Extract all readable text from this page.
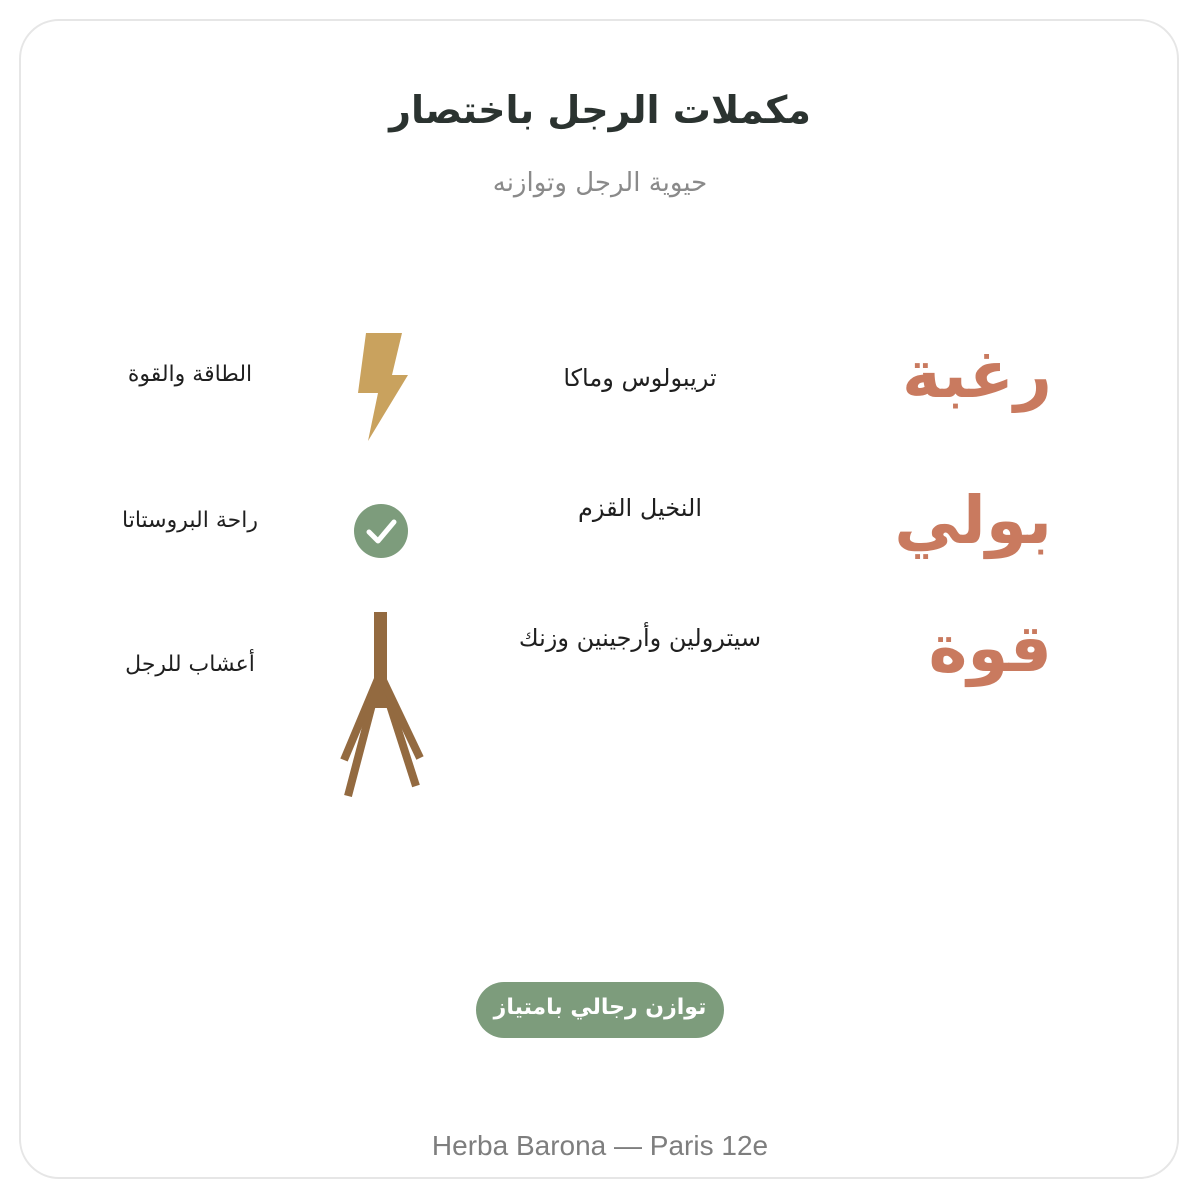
مكملات الرجل باختصار
حيوية الرجل وتوازنه
رغبة
تريبولوس وماكا
الطاقة والقوة
بولي
النخيل القزم
راحة البروستاتا
قوة
سيترولين وأرجينين وزنك
أعشاب للرجل
توازن رجالي بامتياز
Herba Barona — Paris 12e
